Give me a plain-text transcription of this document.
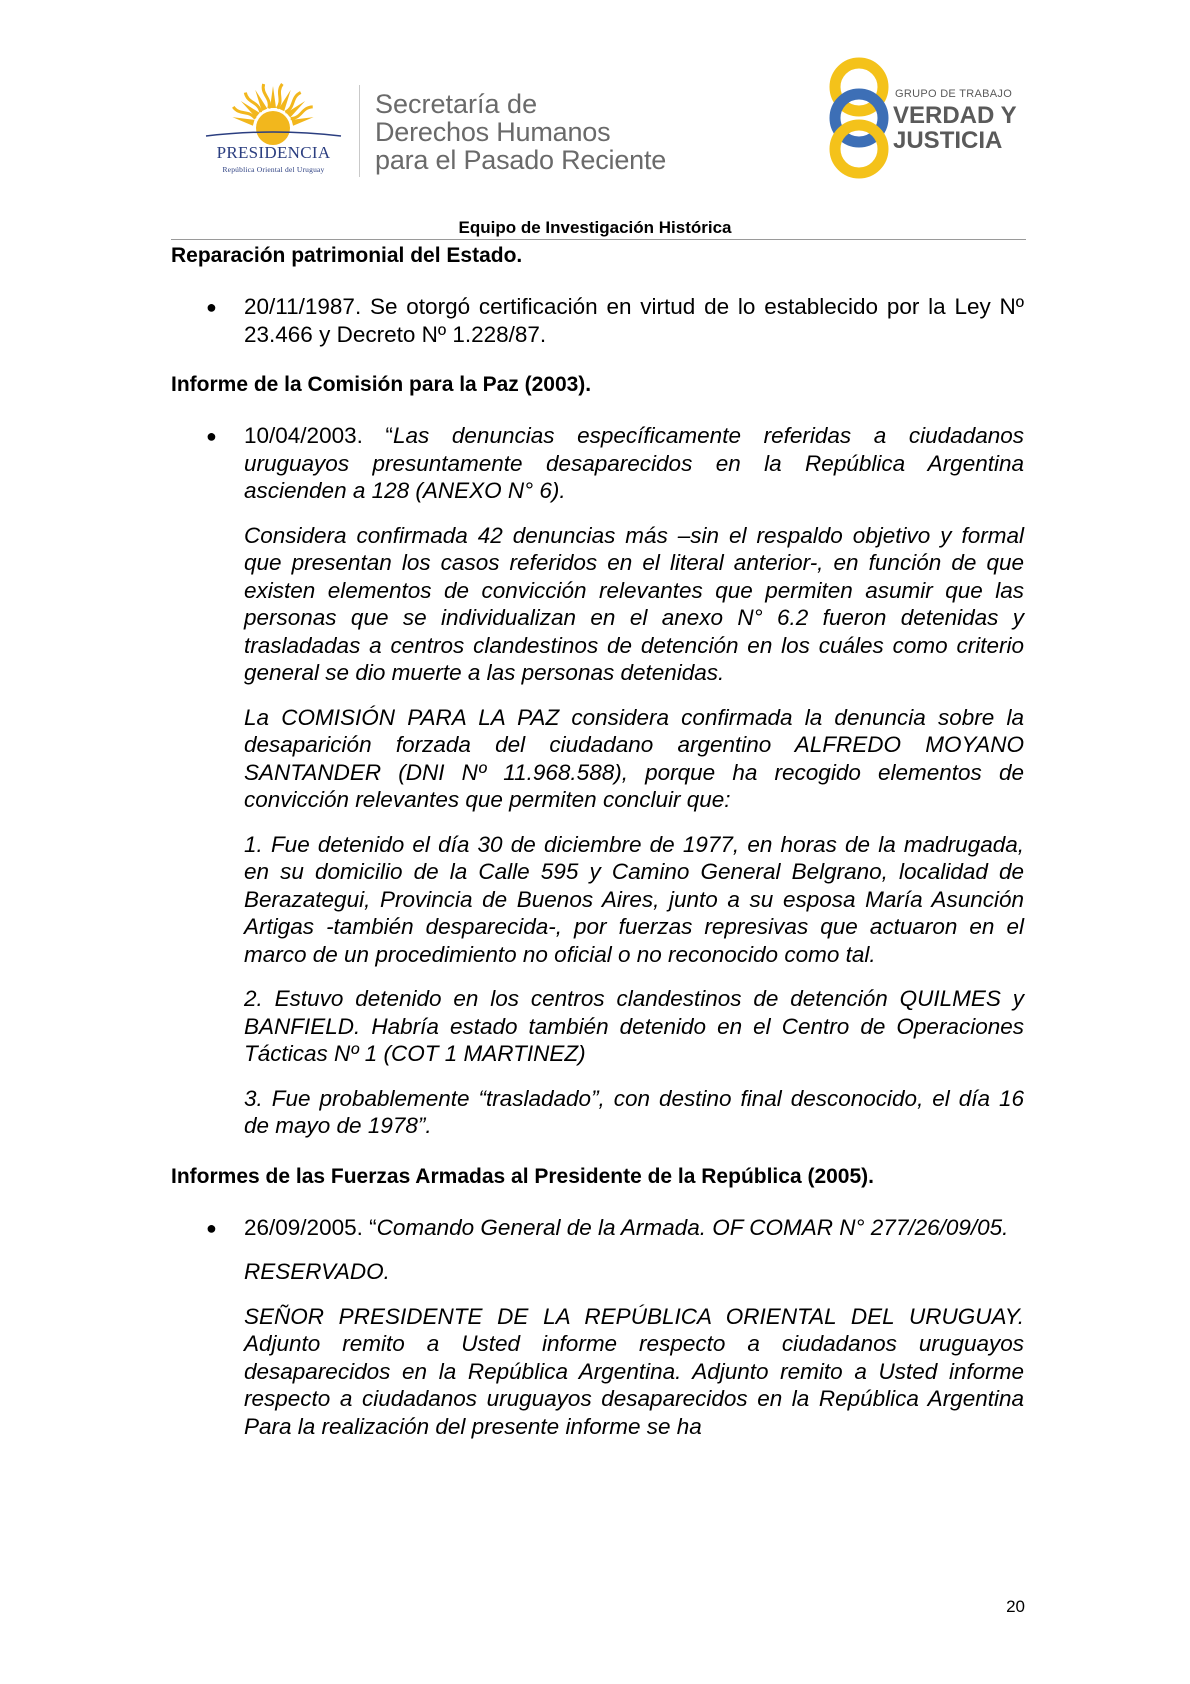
PRESIDENCIA
República Oriental del Uruguay
Secretaría de
Derechos Humanos
para el Pasado Reciente
GRUPO DE TRABAJO
VERDAD Y
JUSTICIA
Equipo de Investigación Histórica
Reparación patrimonial del Estado.
● 20/11/1987. Se otorgó certificación en virtud de lo establecido por la Ley Nº 23.466 y Decreto Nº 1.228/87.

Informe de la Comisión para la Paz (2003).
● 10/04/2003. “Las denuncias específicamente referidas a ciudadanos uruguayos presuntamente desaparecidos en la República Argentina ascienden a 128 (ANEXO N° 6).

Considera confirmada 42 denuncias más –sin el respaldo objetivo y formal que presentan los casos referidos en el literal anterior-, en función de que existen elementos de convicción relevantes que permiten asumir que las personas que se individualizan en el anexo N° 6.2 fueron detenidas y trasladadas a centros clandestinos de detención en los cuáles como criterio general se dio muerte a las personas detenidas.

La COMISIÓN PARA LA PAZ considera confirmada la denuncia sobre la desaparición forzada del ciudadano argentino ALFREDO MOYANO SANTANDER (DNI Nº 11.968.588), porque ha recogido elementos de convicción relevantes que permiten concluir que:

1. Fue detenido el día 30 de diciembre de 1977, en horas de la madrugada, en su domicilio de la Calle 595 y Camino General Belgrano, localidad de Berazategui, Provincia de Buenos Aires, junto a su esposa María Asunción Artigas -también desparecida-, por fuerzas represivas que actuaron en el marco de un procedimiento no oficial o no reconocido como tal.

2. Estuvo detenido en los centros clandestinos de detención QUILMES y BANFIELD. Habría estado también detenido en el Centro de Operaciones Tácticas Nº 1 (COT 1 MARTINEZ)

3. Fue probablemente “trasladado”, con destino final desconocido, el día 16 de mayo de 1978”.

Informes de las Fuerzas Armadas al Presidente de la República (2005).
● 26/09/2005. “Comando General de la Armada. OF COMAR N° 277/26/09/05.

RESERVADO.

SEÑOR PRESIDENTE DE LA REPÚBLICA ORIENTAL DEL URUGUAY. Adjunto remito a Usted informe respecto a ciudadanos uruguayos desaparecidos en la República Argentina. Adjunto remito a Usted informe respecto a ciudadanos uruguayos desaparecidos en la República Argentina Para la realización del presente informe se ha

20
